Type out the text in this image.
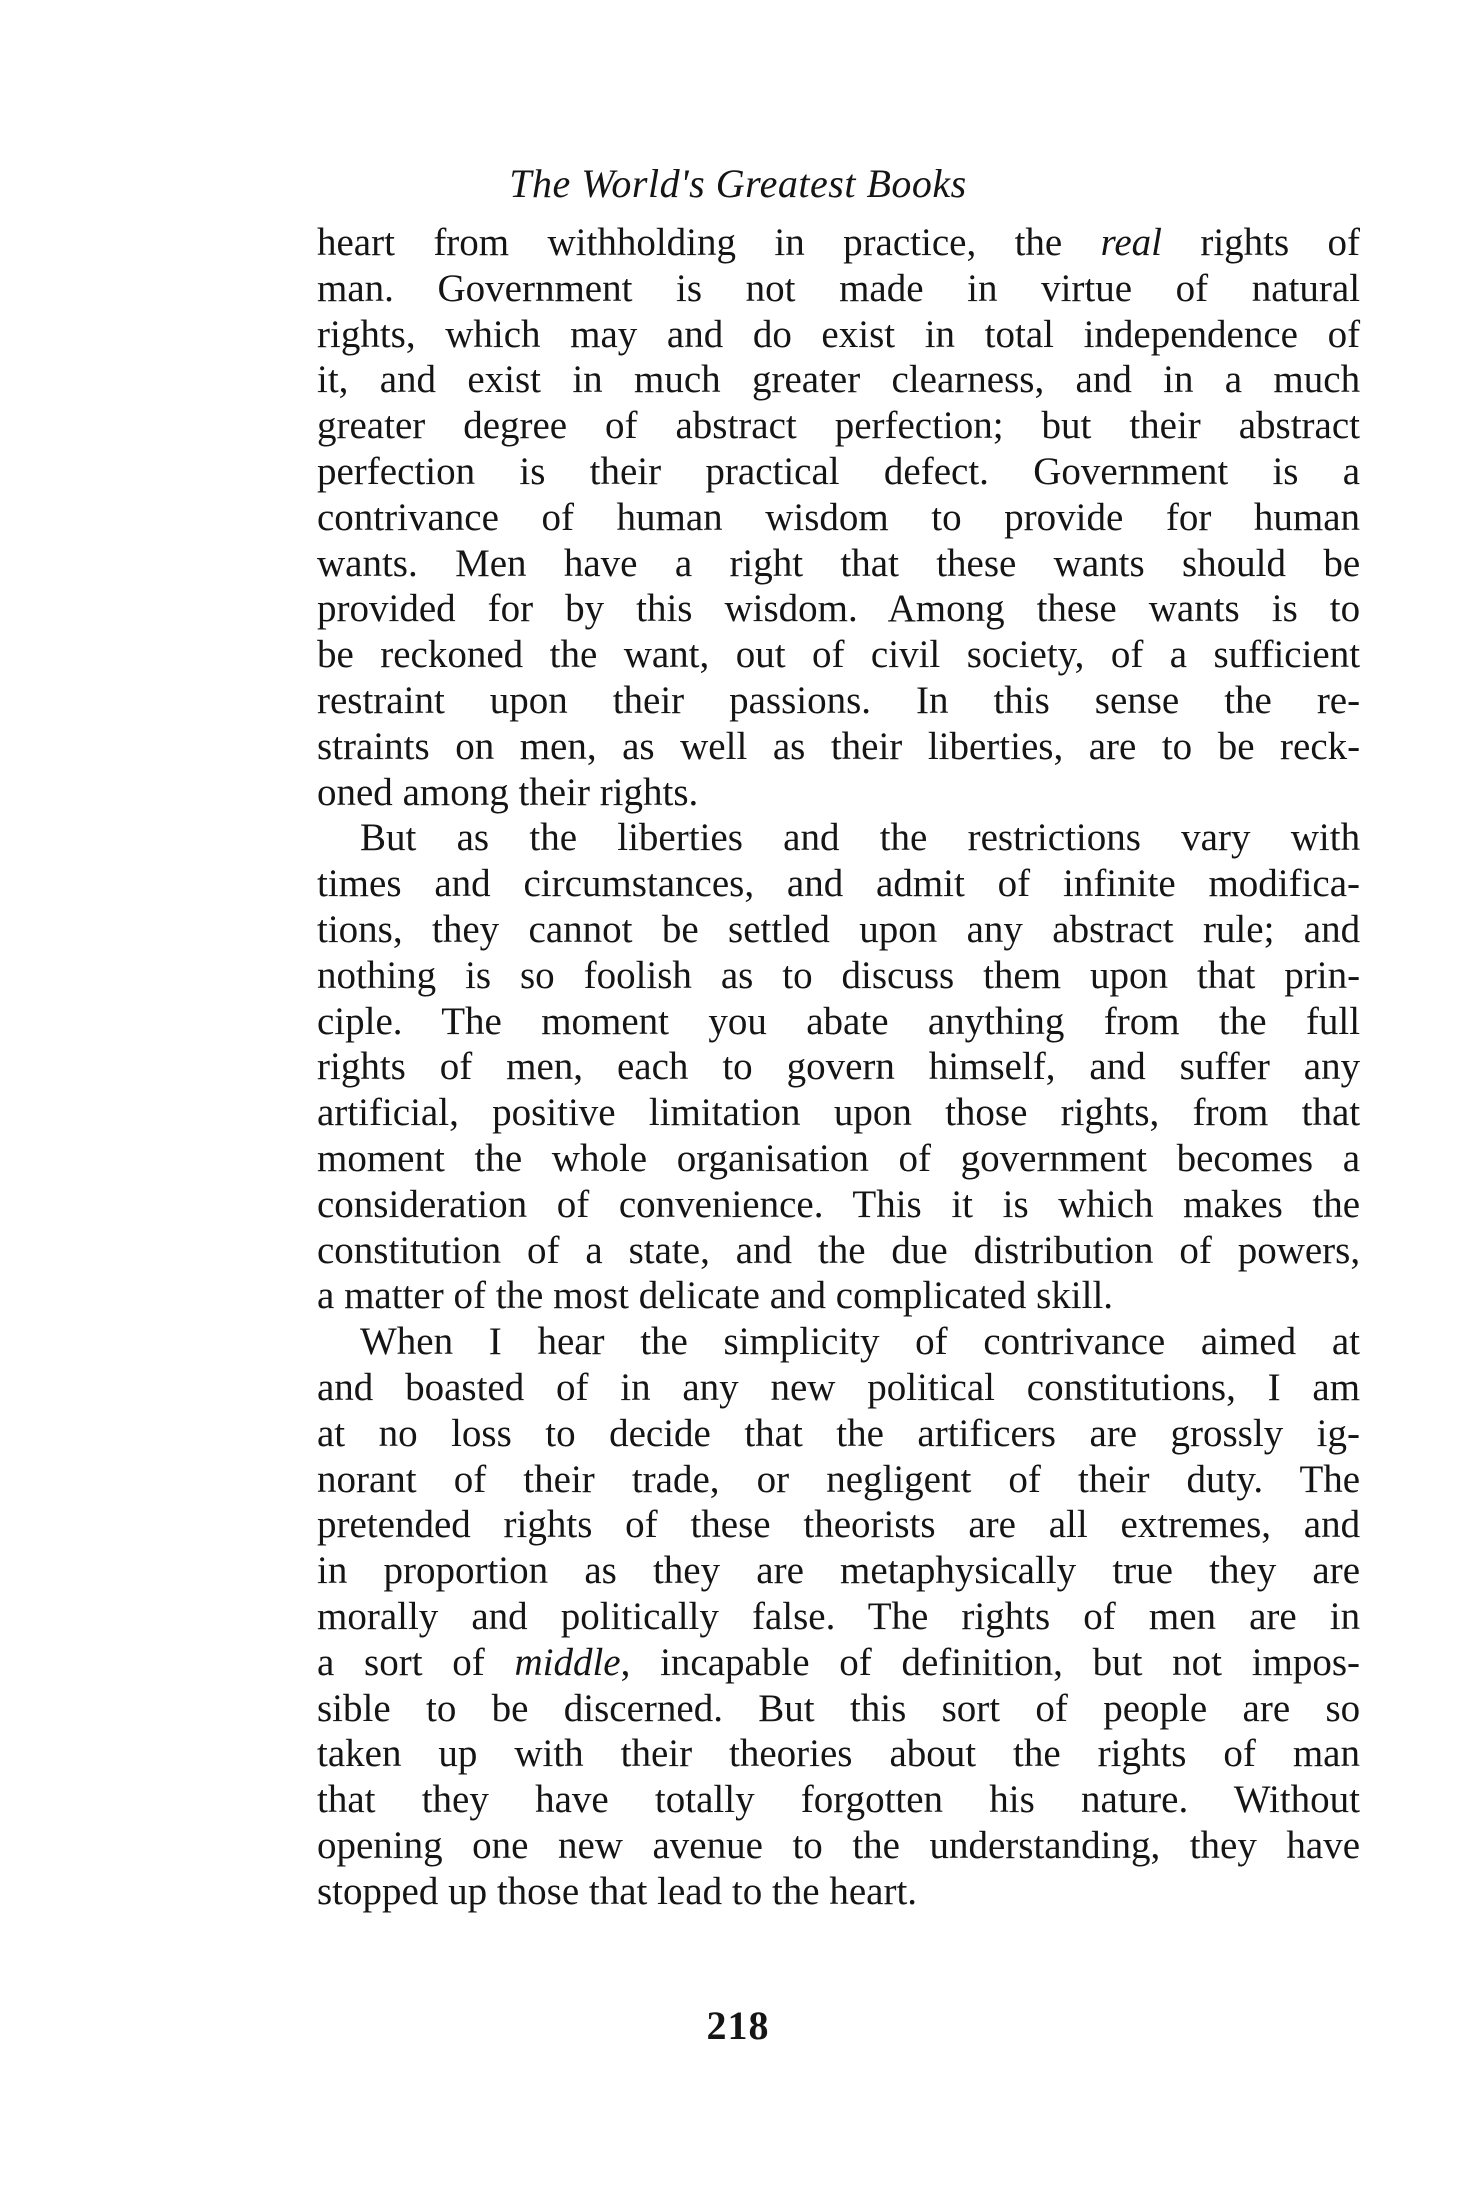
The World's Greatest Books
heart from withholding in practice, the real rights of
man. Government is not made in virtue of natural
rights, which may and do exist in total independence of
it, and exist in much greater clearness, and in a much
greater degree of abstract perfection; but their abstract
perfection is their practical defect. Government is a
contrivance of human wisdom to provide for human
wants. Men have a right that these wants should be
provided for by this wisdom. Among these wants is to
be reckoned the want, out of civil society, of a sufficient
restraint upon their passions. In this sense the re-
straints on men, as well as their liberties, are to be reck-
oned among their rights.
But as the liberties and the restrictions vary with
times and circumstances, and admit of infinite modifica-
tions, they cannot be settled upon any abstract rule; and
nothing is so foolish as to discuss them upon that prin-
ciple. The moment you abate anything from the full
rights of men, each to govern himself, and suffer any
artificial, positive limitation upon those rights, from that
moment the whole organisation of government becomes a
consideration of convenience. This it is which makes the
constitution of a state, and the due distribution of powers,
a matter of the most delicate and complicated skill.
When I hear the simplicity of contrivance aimed at
and boasted of in any new political constitutions, I am
at no loss to decide that the artificers are grossly ig-
norant of their trade, or negligent of their duty. The
pretended rights of these theorists are all extremes, and
in proportion as they are metaphysically true they are
morally and politically false. The rights of men are in
a sort of middle, incapable of definition, but not impos-
sible to be discerned. But this sort of people are so
taken up with their theories about the rights of man
that they have totally forgotten his nature. Without
opening one new avenue to the understanding, they have
stopped up those that lead to the heart.
218
